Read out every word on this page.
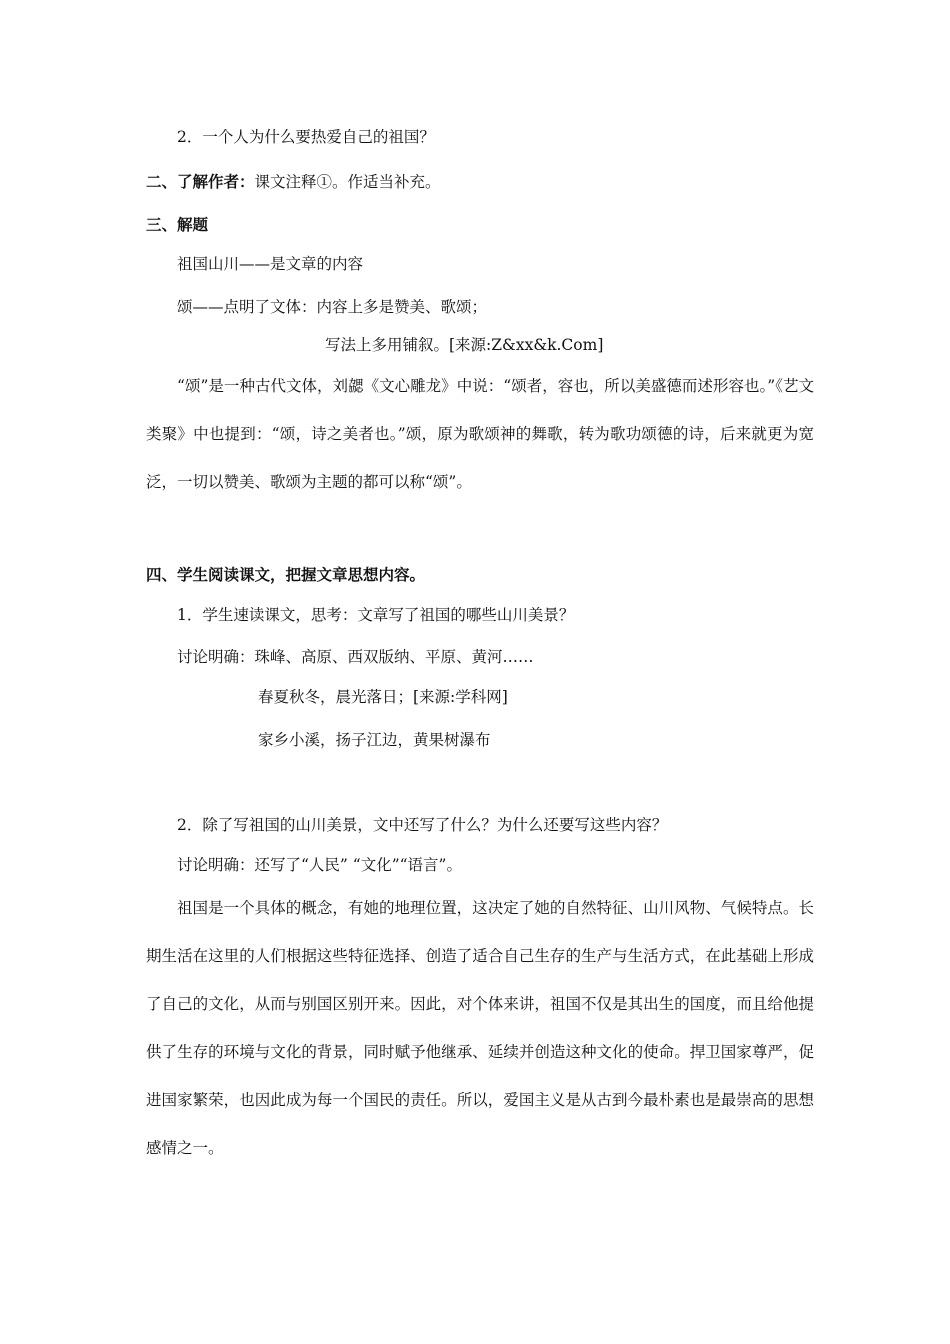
2．一个人为什么要热爱自己的祖国？
二、了解作者：课文注释①。作适当补充。
三、解题
祖国山川——是文章的内容
颂——点明了文体：内容上多是赞美、歌颂；
写法上多用铺叙。[来源:Z&xx&k.Com]

“颂”是一种古代文体，刘勰《文心雕龙》中说：“颂者，容也，所以美盛德而述形容也。”《艺文类聚》中也提到：“颂，诗之美者也。”颂，原为歌颂神的舞歌，转为歌功颂德的诗，后来就更为宽泛，一切以赞美、歌颂为主题的都可以称“颂”。

四、学生阅读课文，把握文章思想内容。
1．学生速读课文，思考：文章写了祖国的哪些山川美景？
讨论明确：珠峰、高原、西双版纳、平原、黄河……
春夏秋冬，晨光落日；[来源:学科网]
家乡小溪，扬子江边，黄果树瀑布
2．除了写祖国的山川美景，文中还写了什么？为什么还要写这些内容？
讨论明确：还写了“人民” “文化”“语言”。

祖国是一个具体的概念，有她的地理位置，这决定了她的自然特征、山川风物、气候特点。长期生活在这里的人们根据这些特征选择、创造了适合自己生存的生产与生活方式，在此基础上形成了自己的文化，从而与别国区别开来。因此，对个体来讲，祖国不仅是其出生的国度，而且给他提供了生存的环境与文化的背景，同时赋予他继承、延续并创造这种文化的使命。捍卫国家尊严，促进国家繁荣，也因此成为每一个国民的责任。所以，爱国主义是从古到今最朴素也是最崇高的思想感情之一。
